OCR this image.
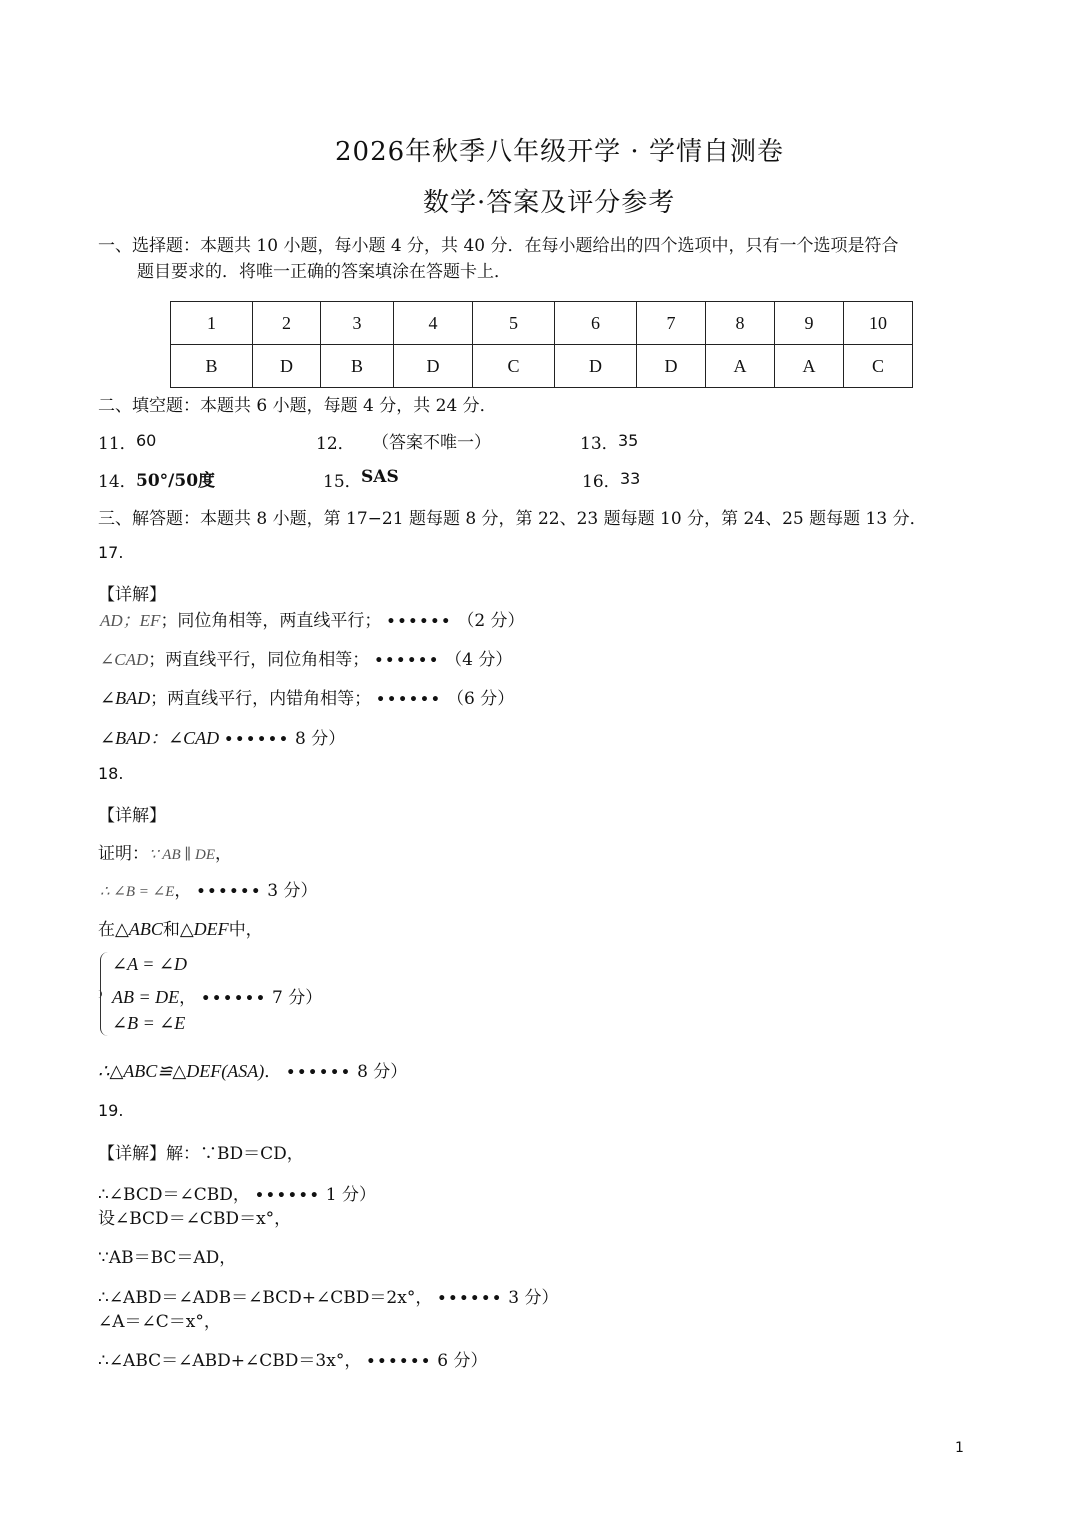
2026年秋季八年级开学 · 学情自测卷
数学·答案及评分参考
一、选择题：本题共 10 小题，每小题 4 分，共 40 分．在每小题给出的四个选项中，只有一个选项是符合
题目要求的．将唯一正确的答案填涂在答题卡上．
1	2	3	4	5	6	7	8	9	10
B	D	B	D	C	D	D	A	A	C
二、填空题：本题共 6 小题，每题 4 分，共 24 分．
11． 60	12． （答案不唯一）	13． 35
14． 50°/50度	15． SAS	16． 33
三、解答题：本题共 8 小题，第 17−21 题每题 8 分，第 22、23 题每题 10 分，第 24、25 题每题 13 分．
17.
【详解】
AD；EF；同位角相等，两直线平行； •••••• （2 分）
∠CAD；两直线平行，同位角相等； •••••• （4 分）
∠BAD；两直线平行，内错角相等； •••••• （6 分）
∠BAD：∠CAD •••••• 8 分）
18.
【详解】
证明：∵ AB ∥ DE，
∴ ∠B = ∠E， •••••• 3 分）
在△ABC和△DEF中，
∠A = ∠D
AB = DE， •••••• 7 分）
∠B = ∠E
∴△ABC≌△DEF(ASA)． •••••• 8 分）
19.
【详解】解：∵BD＝CD，
∴∠BCD＝∠CBD， •••••• 1 分）
设∠BCD＝∠CBD＝x°，
∵AB＝BC＝AD，
∴∠ABD＝∠ADB＝∠BCD+∠CBD＝2x°， •••••• 3 分）
∠A＝∠C＝x°，
∴∠ABC＝∠ABD+∠CBD＝3x°， •••••• 6 分）
1
